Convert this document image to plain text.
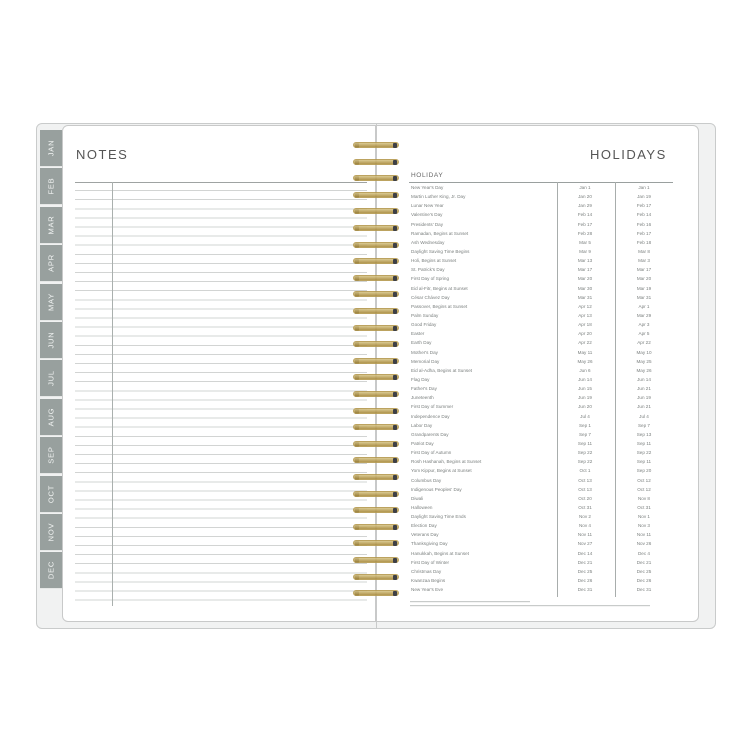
JAN
FEB
MAR
APR
MAY
JUN
JUL
AUG
SEP
OCT
NOV
DEC
NOTES	HOLIDAYS
HOLIDAY
New Year's Day	Jan 1	Jan 1
Martin Luther King, Jr. Day	Jan 20	Jan 19
Lunar New Year	Jan 29	Feb 17
Valentine's Day	Feb 14	Feb 14
Presidents' Day	Feb 17	Feb 16
Ramadan, Begins at Sunset	Feb 28	Feb 17
Ash Wednesday	Mar 5	Feb 18
Daylight Saving Time Begins	Mar 9	Mar 8
Holi, Begins at Sunset	Mar 13	Mar 3
St. Patrick's Day	Mar 17	Mar 17
First Day of Spring	Mar 20	Mar 20
Eid al-Fitr, Begins at Sunset	Mar 30	Mar 19
César Chávez Day	Mar 31	Mar 31
Passover, Begins at Sunset	Apr 12	Apr 1
Palm Sunday	Apr 13	Mar 29
Good Friday	Apr 18	Apr 3
Easter	Apr 20	Apr 5
Earth Day	Apr 22	Apr 22
Mother's Day	May 11	May 10
Memorial Day	May 26	May 25
Eid al-Adha, Begins at Sunset	Jun 6	May 26
Flag Day	Jun 14	Jun 14
Father's Day	Jun 15	Jun 21
Juneteenth	Jun 19	Jun 19
First Day of Summer	Jun 20	Jun 21
Independence Day	Jul 4	Jul 4
Labor Day	Sep 1	Sep 7
Grandparents Day	Sep 7	Sep 13
Patriot Day	Sep 11	Sep 11
First Day of Autumn	Sep 22	Sep 22
Rosh Hashanah, Begins at Sunset	Sep 22	Sep 11
Yom Kippur, Begins at Sunset	Oct 1	Sep 20
Columbus Day	Oct 13	Oct 12
Indigenous Peoples' Day	Oct 13	Oct 12
Diwali	Oct 20	Nov 8
Halloween	Oct 31	Oct 31
Daylight Saving Time Ends	Nov 2	Nov 1
Election Day	Nov 4	Nov 3
Veterans Day	Nov 11	Nov 11
Thanksgiving Day	Nov 27	Nov 26
Hanukkah, Begins at Sunset	Dec 14	Dec 4
First Day of Winter	Dec 21	Dec 21
Christmas Day	Dec 25	Dec 25
Kwanzaa Begins	Dec 26	Dec 26
New Year's Eve	Dec 31	Dec 31
